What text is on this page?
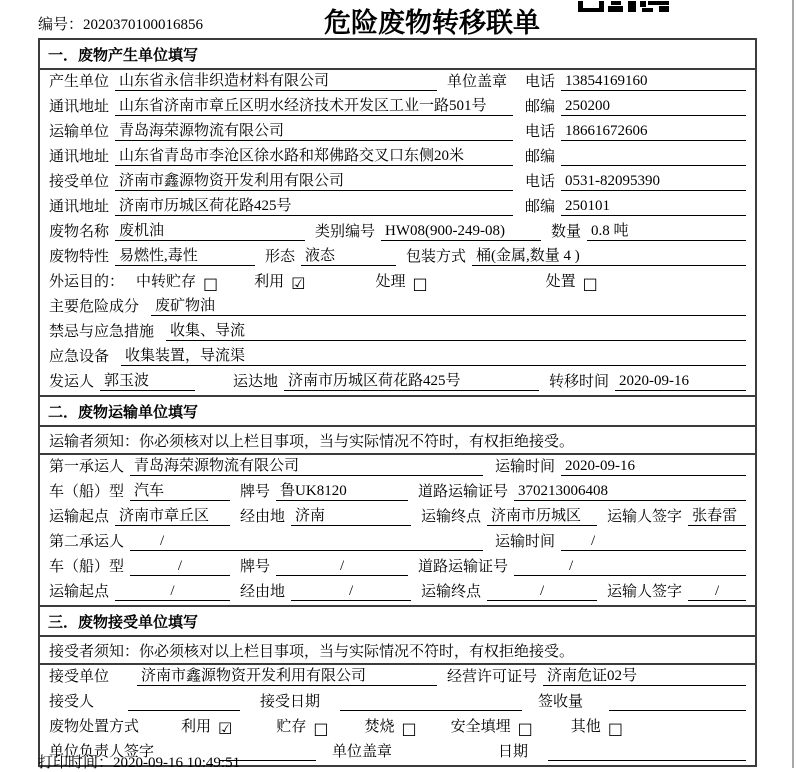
编号：2020370100016856	危险废物转移联单
一．废物产生单位填写
产生单位 山东省永信非织造材料有限公司	单位盖章 电话 13854169160
通讯地址 山东省济南市章丘区明水经济技术开发区工业一路501号	邮编 250200
运输单位 青岛海荣源物流有限公司	电话 18661672606
通讯地址 山东省青岛市李沧区徐水路和郑佛路交叉口东侧20米	邮编
接受单位 济南市鑫源物资开发利用有限公司	电话 0531-82095390
通讯地址 济南市历城区荷花路425号	邮编 250101
废物名称 废机油	类别编号 HW08(900-249-08)	数量 0.8 吨
废物特性 易燃性,毒性	形态 液态	包装方式 桶(金属,数量 4 )
外运目的： 中转贮存 □ 利用 ☑	处理 □	处置 □
主要危险成分 废矿物油
禁忌与应急措施 收集、导流
应急设备 收集装置，导流渠
发运人 郭玉波	运达地 济南市历城区荷花路425号	转移时间 2020-09-16
二．废物运输单位填写
运输者须知： 你必须核对以上栏目事项，当与实际情况不符时，有权拒绝接受。
第一承运人 青岛海荣源物流有限公司	运输时间 2020-09-16
车（船）型 汽车	牌号 鲁UK8120	道路运输证号 370213006408
运输起点 济南市章丘区	经由地 济南	运输终点 济南市历城区	运输人签字 张春雷
第二承运人	/	运输时间	/
车（船）型	/	牌号	/	道路运输证号	/
运输起点	/	经由地	/	运输终点	/	运输人签字	/
三．废物接受单位填写
接受者须知： 你必须核对以上栏目事项，当与实际情况不符时，有权拒绝接受。
接受单位 济南市鑫源物资开发利用有限公司	经营许可证号 济南危证02号
接受人	接受日期	签收量
废物处置方式	利用 ☑	贮存 □ 焚烧 □ 安全填埋 □	其他 □
单位负责人签字	单位盖章	日期
打印时间：2020-09-16 10:49:51
